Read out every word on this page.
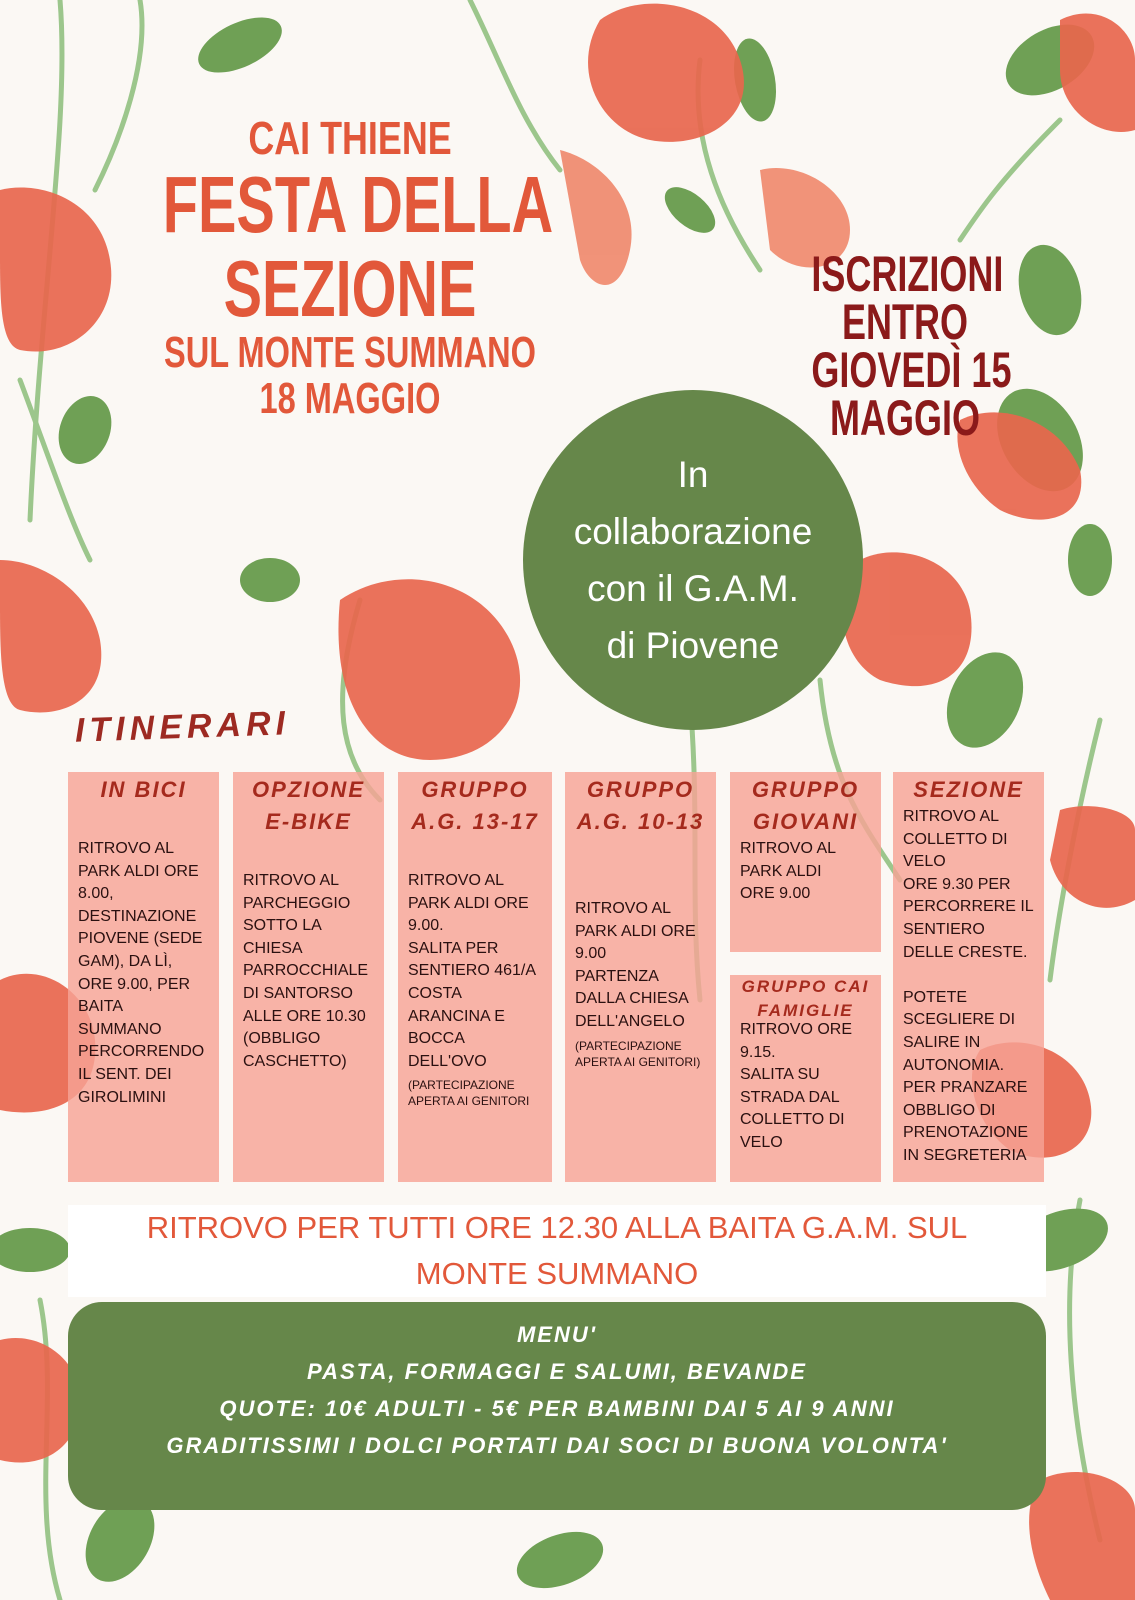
CAI THIENE
FESTA DELLA
SEZIONE
SUL MONTE SUMMANO
18 MAGGIO
ISCRIZIONI
ENTRO
GIOVEDÌ 15
MAGGIO
In
collaborazione
con il G.A.M.
di Piovene
ITINERARI
IN BICI
RITROVO AL
PARK ALDI ORE
8.00,
DESTINAZIONE
PIOVENE (SEDE
GAM), DA LÌ,
ORE 9.00, PER
BAITA
SUMMANO
PERCORRENDO
IL SENT. DEI
GIROLIMINI
OPZIONE
E-BIKE
RITROVO AL
PARCHEGGIO
SOTTO LA
CHIESA
PARROCCHIALE
DI SANTORSO
ALLE ORE 10.30
(OBBLIGO
CASCHETTO)
GRUPPO
A.G. 13-17
RITROVO AL
PARK ALDI ORE
9.00.
SALITA PER
SENTIERO 461/A
COSTA
ARANCINA E
BOCCA
DELL'OVO
(PARTECIPAZIONE
APERTA AI GENITORI
GRUPPO
A.G. 10-13
RITROVO AL
PARK ALDI ORE
9.00
PARTENZA
DALLA CHIESA
DELL'ANGELO
(PARTECIPAZIONE
APERTA AI GENITORI)
GRUPPO
GIOVANI
RITROVO AL
PARK ALDI
ORE 9.00
GRUPPO CAI
FAMIGLIE
RITROVO ORE
9.15.
SALITA SU
STRADA DAL
COLLETTO DI
VELO
SEZIONE
RITROVO AL
COLLETTO DI
VELO
ORE 9.30 PER
PERCORRERE IL
SENTIERO
DELLE CRESTE.
POTETE
SCEGLIERE DI
SALIRE IN
AUTONOMIA.
PER PRANZARE
OBBLIGO DI
PRENOTAZIONE
IN SEGRETERIA
RITROVO PER TUTTI ORE 12.30 ALLA BAITA G.A.M. SUL
MONTE SUMMANO
MENU'
PASTA, FORMAGGI E SALUMI, BEVANDE
QUOTE: 10€ ADULTI - 5€ PER BAMBINI DAI 5 AI 9 ANNI
GRADITISSIMI I DOLCI PORTATI DAI SOCI DI BUONA VOLONTA'
